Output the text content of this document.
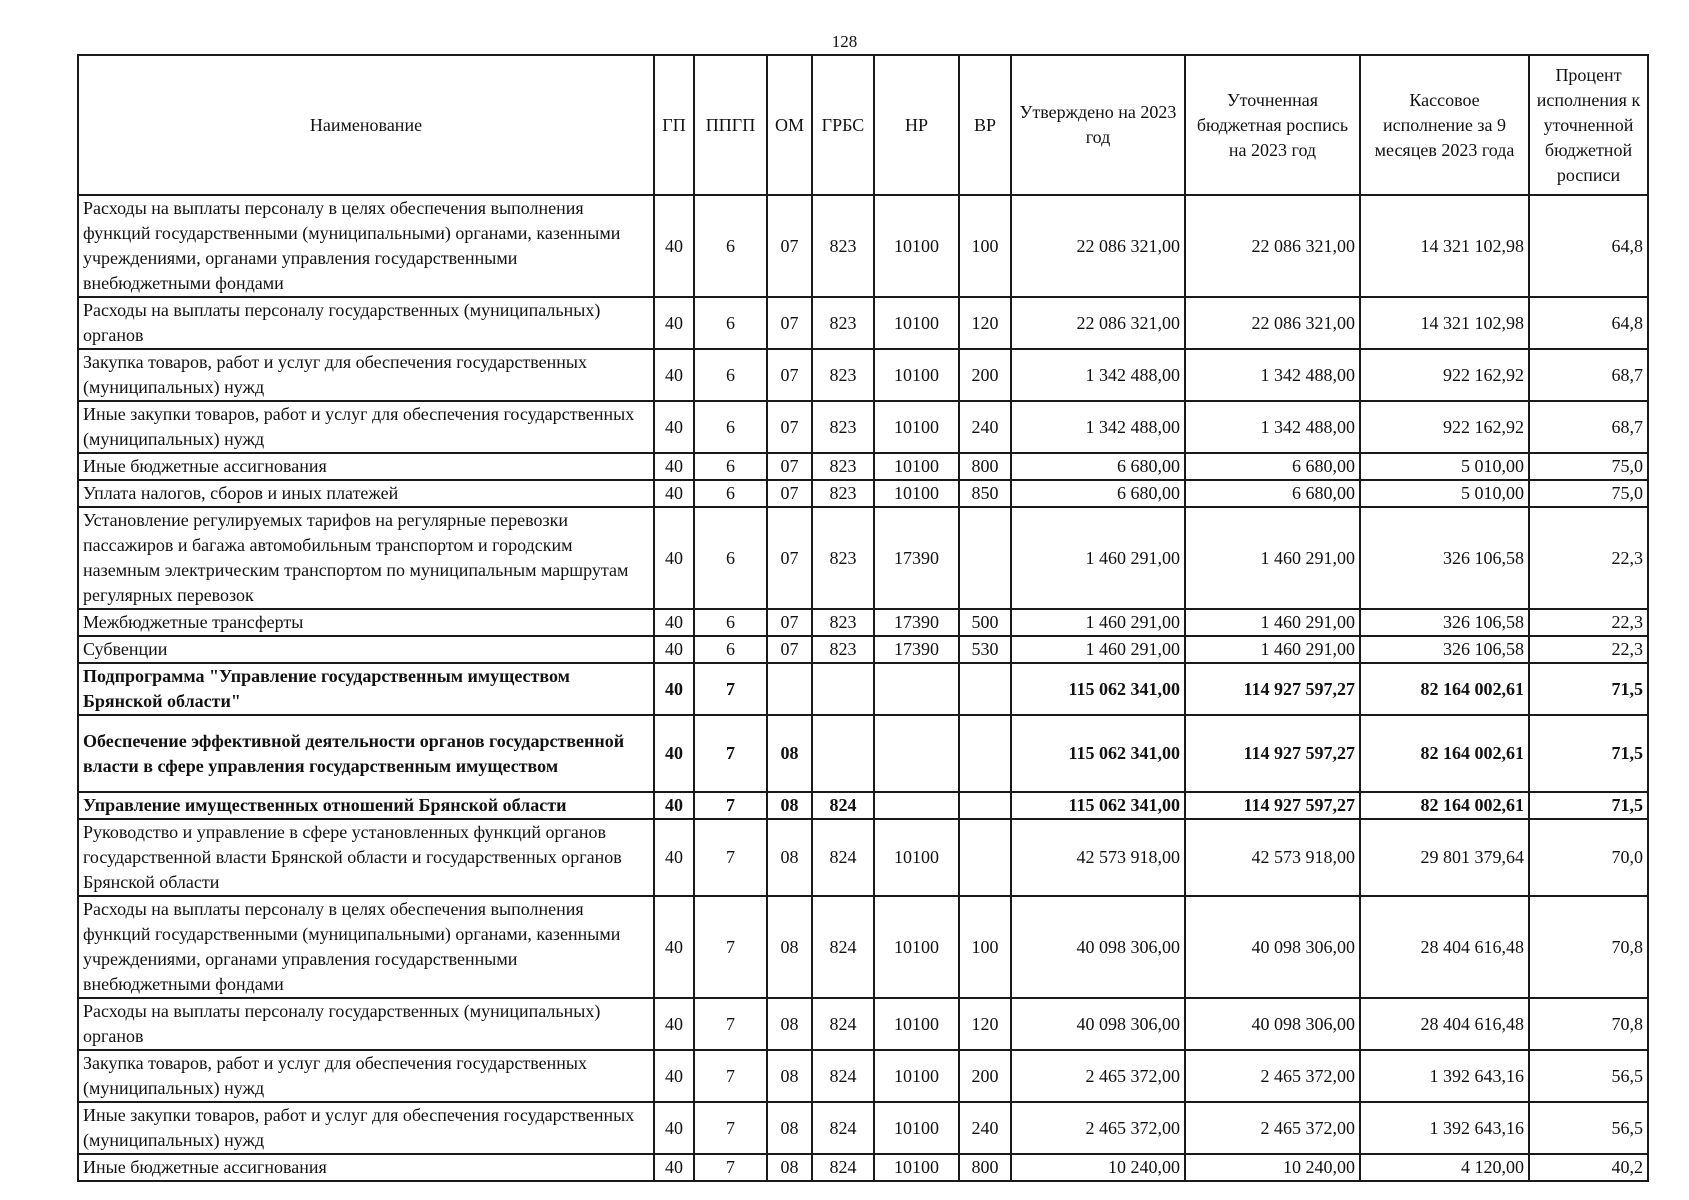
128
Наименование	ГП	ППГП	ОМ	ГРБС	НР	ВР	Утверждено на 2023 год	Уточненная бюджетная роспись на 2023 год	Кассовое исполнение за 9 месяцев 2023 года	Процент исполнения к уточненной бюджетной росписи
Расходы на выплаты персоналу в целях обеспечения выполнения функций государственными (муниципальными) органами, казенными учреждениями, органами управления государственными внебюджетными фондами	40	6	07	823	10100	100	22 086 321,00	22 086 321,00	14 321 102,98	64,8
Расходы на выплаты персоналу государственных (муниципальных) органов	40	6	07	823	10100	120	22 086 321,00	22 086 321,00	14 321 102,98	64,8
Закупка товаров, работ и услуг для обеспечения государственных (муниципальных) нужд	40	6	07	823	10100	200	1 342 488,00	1 342 488,00	922 162,92	68,7
Иные закупки товаров, работ и услуг для обеспечения государственных (муниципальных) нужд	40	6	07	823	10100	240	1 342 488,00	1 342 488,00	922 162,92	68,7
Иные бюджетные ассигнования	40	6	07	823	10100	800	6 680,00	6 680,00	5 010,00	75,0
Уплата налогов, сборов и иных платежей	40	6	07	823	10100	850	6 680,00	6 680,00	5 010,00	75,0
Установление регулируемых тарифов на регулярные перевозки пассажиров и багажа автомобильным транспортом и городским наземным электрическим транспортом по муниципальным маршрутам регулярных перевозок	40	6	07	823	17390		1 460 291,00	1 460 291,00	326 106,58	22,3
Межбюджетные трансферты	40	6	07	823	17390	500	1 460 291,00	1 460 291,00	326 106,58	22,3
Субвенции	40	6	07	823	17390	530	1 460 291,00	1 460 291,00	326 106,58	22,3
Подпрограмма "Управление государственным имуществом Брянской области"	40	7					115 062 341,00	114 927 597,27	82 164 002,61	71,5
Обеспечение эффективной деятельности органов государственной власти в сфере управления государственным имуществом	40	7	08				115 062 341,00	114 927 597,27	82 164 002,61	71,5
Управление имущественных отношений Брянской области	40	7	08	824			115 062 341,00	114 927 597,27	82 164 002,61	71,5
Руководство и управление в сфере установленных функций органов государственной власти Брянской области и государственных органов Брянской области	40	7	08	824	10100		42 573 918,00	42 573 918,00	29 801 379,64	70,0
Расходы на выплаты персоналу в целях обеспечения выполнения функций государственными (муниципальными) органами, казенными учреждениями, органами управления государственными внебюджетными фондами	40	7	08	824	10100	100	40 098 306,00	40 098 306,00	28 404 616,48	70,8
Расходы на выплаты персоналу государственных (муниципальных) органов	40	7	08	824	10100	120	40 098 306,00	40 098 306,00	28 404 616,48	70,8
Закупка товаров, работ и услуг для обеспечения государственных (муниципальных) нужд	40	7	08	824	10100	200	2 465 372,00	2 465 372,00	1 392 643,16	56,5
Иные закупки товаров, работ и услуг для обеспечения государственных (муниципальных) нужд	40	7	08	824	10100	240	2 465 372,00	2 465 372,00	1 392 643,16	56,5
Иные бюджетные ассигнования	40	7	08	824	10100	800	10 240,00	10 240,00	4 120,00	40,2
